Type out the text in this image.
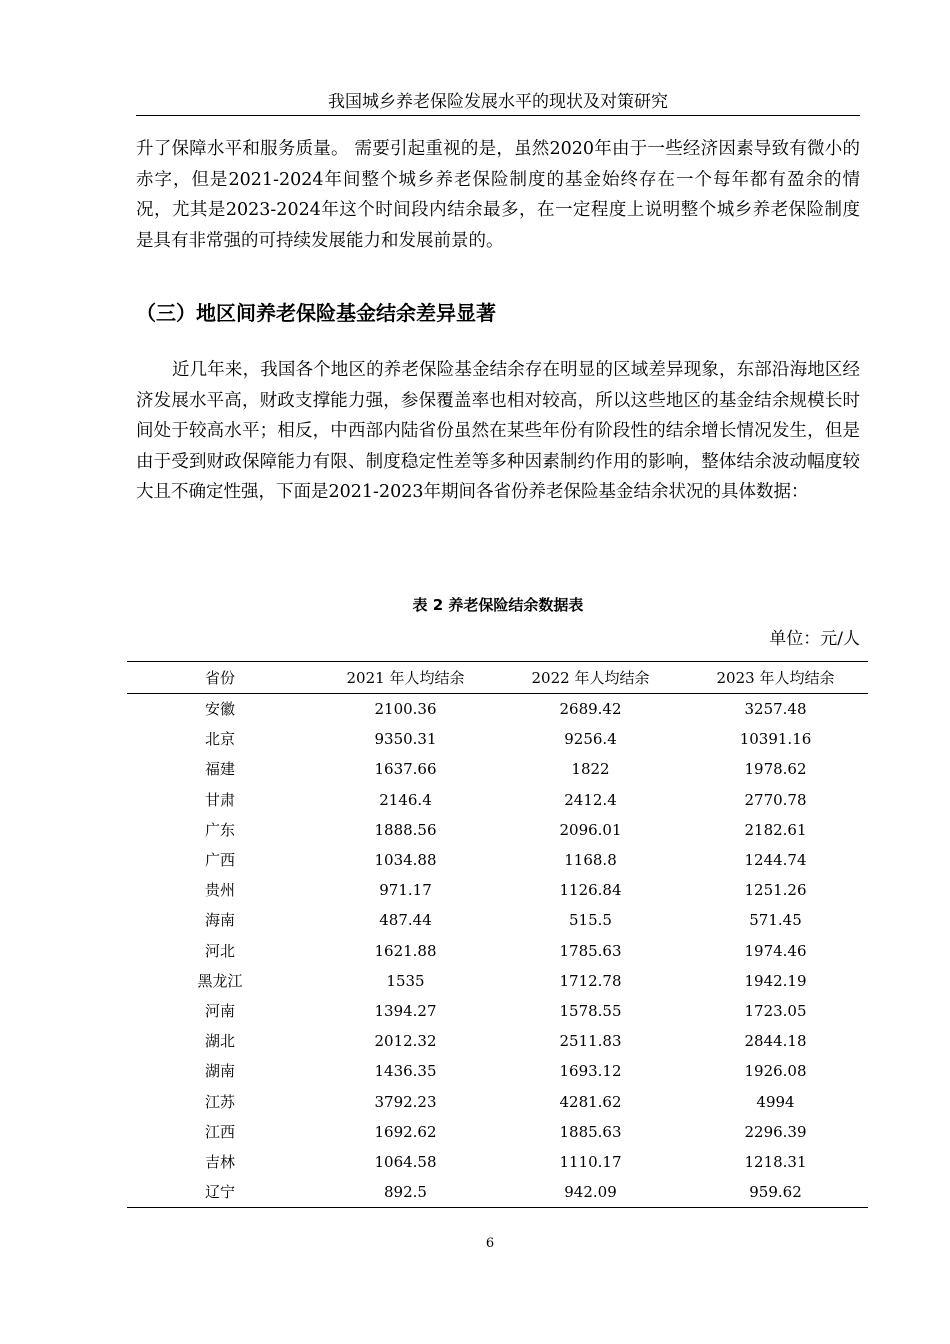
我国城乡养老保险发展水平的现状及对策研究

升了保障水平和服务质量。 需要引起重视的是，虽然2020年由于一些经济因素导致有微小的赤字，但是2021-2024年间整个城乡养老保险制度的基金始终存在一个每年都有盈余的情况，尤其是2023-2024年这个时间段内结余最多，在一定程度上说明整个城乡养老保险制度是具有非常强的可持续发展能力和发展前景的。

（三）地区间养老保险基金结余差异显著

近几年来，我国各个地区的养老保险基金结余存在明显的区域差异现象，东部沿海地区经济发展水平高，财政支撑能力强，参保覆盖率也相对较高，所以这些地区的基金结余规模长时间处于较高水平；相反，中西部内陆省份虽然在某些年份有阶段性的结余增长情况发生，但是由于受到财政保障能力有限、制度稳定性差等多种因素制约作用的影响，整体结余波动幅度较大且不确定性强，下面是2021-2023年期间各省份养老保险基金结余状况的具体数据：

表 2 养老保险结余数据表
单位：元/人
省份	2021 年人均结余	2022 年人均结余	2023 年人均结余
安徽	2100.36	2689.42	3257.48
北京	9350.31	9256.4	10391.16
福建	1637.66	1822	1978.62
甘肃	2146.4	2412.4	2770.78
广东	1888.56	2096.01	2182.61
广西	1034.88	1168.8	1244.74
贵州	971.17	1126.84	1251.26
海南	487.44	515.5	571.45
河北	1621.88	1785.63	1974.46
黑龙江	1535	1712.78	1942.19
河南	1394.27	1578.55	1723.05
湖北	2012.32	2511.83	2844.18
湖南	1436.35	1693.12	1926.08
江苏	3792.23	4281.62	4994
江西	1692.62	1885.63	2296.39
吉林	1064.58	1110.17	1218.31
辽宁	892.5	942.09	959.62
6
